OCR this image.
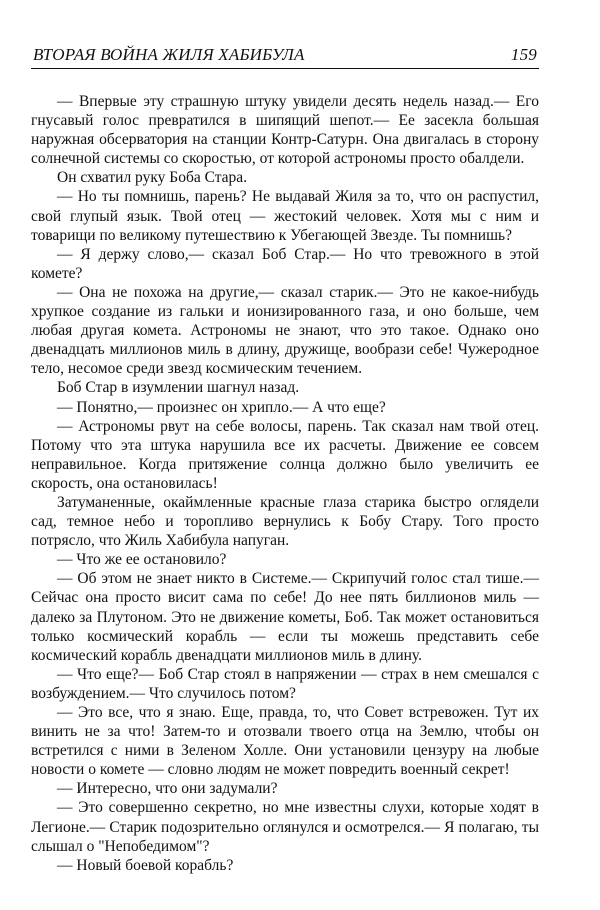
ВТОРАЯ ВОЙНА ЖИЛЯ ХАБИБУЛА	159

— Впервые эту страшную штуку увидели десять недель назад.— Его гнусавый голос превратился в шипящий шепот.— Ее засекла большая наружная обсерватория на станции Контр-Сатурн. Она двигалась в сторону солнечной системы со скоростью, от которой астрономы просто обалдели.

Он схватил руку Боба Стара.

— Но ты помнишь, парень? Не выдавай Жиля за то, что он распустил, свой глупый язык. Твой отец — жестокий человек. Хотя мы с ним и товарищи по великому путешествию к Убегающей Звезде. Ты помнишь?

— Я держу слово,— сказал Боб Стар.— Но что тревожного в этой комете?

— Она не похожа на другие,— сказал старик.— Это не какое-нибудь хрупкое создание из гальки и ионизированного газа, и оно больше, чем любая другая комета. Астрономы не знают, что это такое. Однако оно двенадцать миллионов миль в длину, дружище, вообрази себе! Чужеродное тело, несомое среди звезд космическим течением.

Боб Стар в изумлении шагнул назад.

— Понятно,— произнес он хрипло.— А что еще?

— Астрономы рвут на себе волосы, парень. Так сказал нам твой отец. Потому что эта штука нарушила все их расчеты. Движение ее совсем неправильное. Когда притяжение солнца должно было увеличить ее скорость, она остановилась!

Затуманенные, окаймленные красные глаза старика быстро оглядели сад, темное небо и торопливо вернулись к Бобу Стару. Того просто потрясло, что Жиль Хабибула напуган.

— Что же ее остановило?

— Об этом не знает никто в Системе.— Скрипучий голос стал тише.— Сейчас она просто висит сама по себе! До нее пять биллионов миль — далеко за Плутоном. Это не движение кометы, Боб. Так может остановиться только космический корабль — если ты можешь представить себе космический корабль двенадцати миллионов миль в длину.

— Что еще?— Боб Стар стоял в напряжении — страх в нем смешался с возбуждением.— Что случилось потом?

— Это все, что я знаю. Еще, правда, то, что Совет встревожен. Тут их винить не за что! Затем-то и отозвали твоего отца на Землю, чтобы он встретился с ними в Зеленом Холле. Они установили цензуру на любые новости о комете — словно людям не может повредить военный секрет!

— Интересно, что они задумали?

— Это совершенно секретно, но мне известны слухи, которые ходят в Легионе.— Старик подозрительно оглянулся и осмотрелся.— Я полагаю, ты слышал о "Непобедимом"?

— Новый боевой корабль?
